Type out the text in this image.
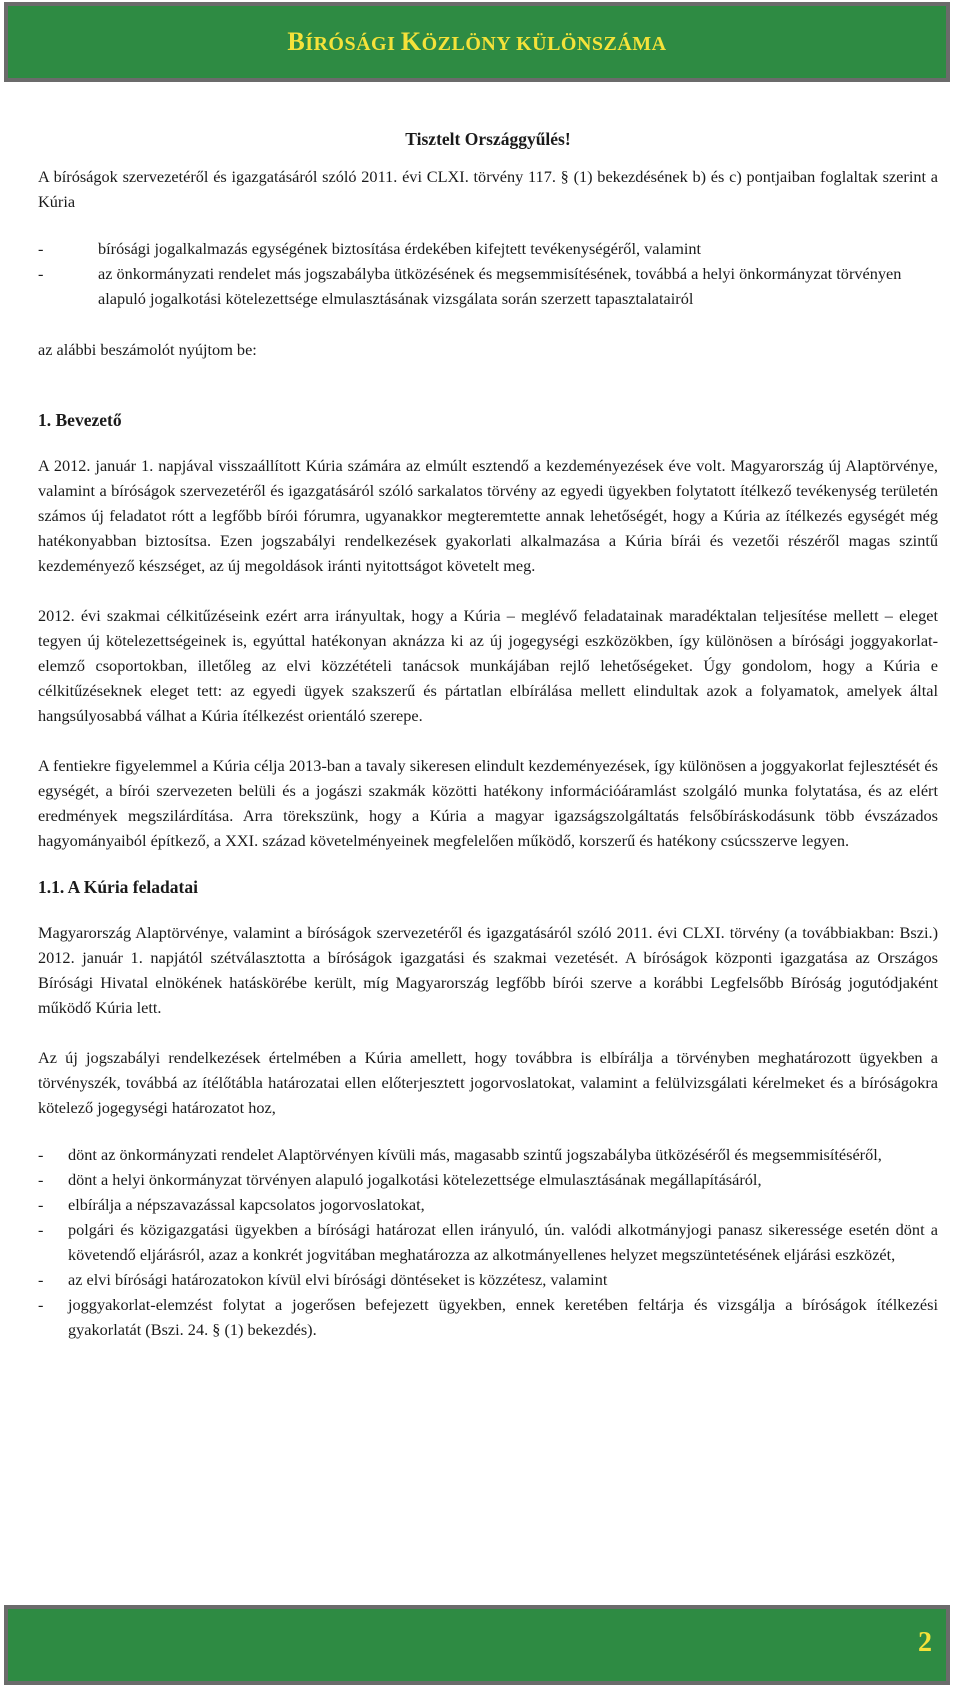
BÍRÓSÁGI KÖZLÖNY KÜLÖNSZÁMA

Tisztelt Országgyűlés!

A bíróságok szervezetéről és igazgatásáról szóló 2011. évi CLXI. törvény 117. § (1) bekezdésének b) és c) pontjaiban foglaltak szerint a Kúria

- bírósági jogalkalmazás egységének biztosítása érdekében kifejtett tevékenységéről, valamint
- az önkormányzati rendelet más jogszabályba ütközésének és megsemmisítésének, továbbá a helyi önkormányzat törvényen alapuló jogalkotási kötelezettsége elmulasztásának vizsgálata során szerzett tapasztalatairól

az alábbi beszámolót nyújtom be:

1. Bevezető

A 2012. január 1. napjával visszaállított Kúria számára az elmúlt esztendő a kezdeményezések éve volt. Magyarország új Alaptörvénye, valamint a bíróságok szervezetéről és igazgatásáról szóló sarkalatos törvény az egyedi ügyekben folytatott ítélkező tevékenység területén számos új feladatot rótt a legfőbb bírói fórumra, ugyanakkor megteremtette annak lehetőségét, hogy a Kúria az ítélkezés egységét még hatékonyabban biztosítsa. Ezen jogszabályi rendelkezések gyakorlati alkalmazása a Kúria bírái és vezetői részéről magas szintű kezdeményező készséget, az új megoldások iránti nyitottságot követelt meg.

2012. évi szakmai célkitűzéseink ezért arra irányultak, hogy a Kúria – meglévő feladatainak maradéktalan teljesítése mellett – eleget tegyen új kötelezettségeinek is, egyúttal hatékonyan aknázza ki az új jogegységi eszközökben, így különösen a bírósági joggyakorlat-elemző csoportokban, illetőleg az elvi közzétételi tanácsok munkájában rejlő lehetőségeket. Úgy gondolom, hogy a Kúria e célkitűzéseknek eleget tett: az egyedi ügyek szakszerű és pártatlan elbírálása mellett elindultak azok a folyamatok, amelyek által hangsúlyosabbá válhat a Kúria ítélkezést orientáló szerepe.

A fentiekre figyelemmel a Kúria célja 2013-ban a tavaly sikeresen elindult kezdeményezések, így különösen a joggyakorlat fejlesztését és egységét, a bírói szervezeten belüli és a jogászi szakmák közötti hatékony információáramlást szolgáló munka folytatása, és az elért eredmények megszilárdítása. Arra törekszünk, hogy a Kúria a magyar igazságszolgáltatás felsőbíráskodásunk több évszázados hagyományaiból építkező, a XXI. század követelményeinek megfelelően működő, korszerű és hatékony csúcsszerve legyen.

1.1. A Kúria feladatai

Magyarország Alaptörvénye, valamint a bíróságok szervezetéről és igazgatásáról szóló 2011. évi CLXI. törvény (a továbbiakban: Bszi.) 2012. január 1. napjától szétválasztotta a bíróságok igazgatási és szakmai vezetését. A bíróságok központi igazgatása az Országos Bírósági Hivatal elnökének hatáskörébe került, míg Magyarország legfőbb bírói szerve a korábbi Legfelsőbb Bíróság jogutódjaként működő Kúria lett.

Az új jogszabályi rendelkezések értelmében a Kúria amellett, hogy továbbra is elbírálja a törvényben meghatározott ügyekben a törvényszék, továbbá az ítélőtábla határozatai ellen előterjesztett jogorvoslatokat, valamint a felülvizsgálati kérelmeket és a bíróságokra kötelező jogegységi határozatot hoz,

- dönt az önkormányzati rendelet Alaptörvényen kívüli más, magasabb szintű jogszabályba ütközéséről és megsemmisítéséről,
- dönt a helyi önkormányzat törvényen alapuló jogalkotási kötelezettsége elmulasztásának megállapításáról,
- elbírálja a népszavazással kapcsolatos jogorvoslatokat,
- polgári és közigazgatási ügyekben a bírósági határozat ellen irányuló, ún. valódi alkotmányjogi panasz sikeressége esetén dönt a követendő eljárásról, azaz a konkrét jogvitában meghatározza az alkotmányellenes helyzet megszüntetésének eljárási eszközét,
- az elvi bírósági határozatokon kívül elvi bírósági döntéseket is közzétesz, valamint
- joggyakorlat-elemzést folytat a jogerősen befejezett ügyekben, ennek keretében feltárja és vizsgálja a bíróságok ítélkezési gyakorlatát (Bszi. 24. § (1) bekezdés).
2
